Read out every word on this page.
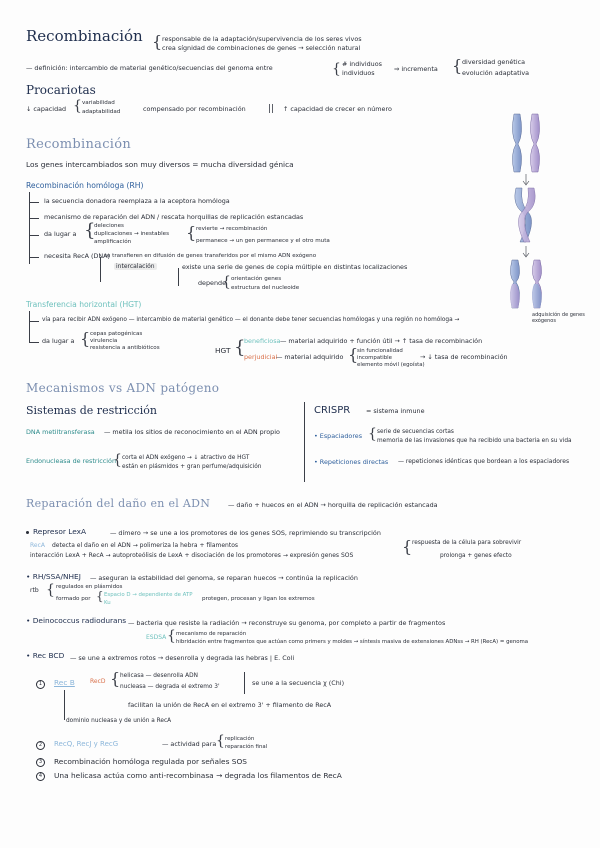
Recombinación { responsable de la adaptación/supervivencia de los seres vivos
crea sígnidad de combinaciones de genes → selección natural
— definición: intercambio de material genético/secuencias del genoma entre	{ # individuos
individuos	⇒ incrementa { diversidad genética
evolución adaptativa
Procariotas
↓ capacidad { variabilidad
adaptabilidad	compensado por recombinación || ↑ capacidad de crecer en número
Recombinación
Los genes intercambiados son muy diversos = mucha diversidad génica
Recombinación homóloga (RH)
la secuencia donadora reemplaza a la aceptora homóloga
mecanismo de reparación del ADN / rescata horquillas de replicación estancadas
da lugar a {
deleciones
duplicaciones → inestables
amplificación	{ revierte → recombinación
permanece → un gen permanece y el otro muta
necesita RecA (DNA)
se transfieren en difusión de genes transferidos por el mismo ADN exógeno
intercalación	existe una serie de genes de copia múltiple en distintas localizaciones
depende
{ orientación genes
estructura del nucleoide
Transferencia horizontal (HGT)
vía para recibir ADN exógeno — intercambio de material genético — el donante debe tener secuencias homólogas y una región no homóloga →
adquisición de genes exógenos
da lugar a { cepas patogénicas
virulencia
resistencia a antibióticos	HGT {
beneficiosa — material adquirido + función útil → ↑ tasa de recombinación
perjudicial
— material adquirido {
sin funcionalidad
incompatible
elemento móvil (egoísta)
→ ↓ tasa de recombinación
Mecanismos vs ADN patógeno
Sistemas de restricción
DNA metiltransferasa — metila los sitios de reconocimiento en el ADN propio
Endonucleasa de restricción
{ corta el ADN exógeno → ↓ atractivo de HGT
están en plásmidos + gran perfume/adquisición
CRISPR = sistema inmune
• Espaciadores { serie de secuencias cortas
memoria de las invasiones que ha recibido una bacteria en su vida
• Repeticiones directas — repeticiones idénticas que bordean a los espaciadores
Reparación del daño en el ADN	— daño + huecos en el ADN → horquilla de replicación estancada
Represor LexA	— dímero → se une a los promotores de los genes SOS, reprimiendo su transcripción
RecA detecta el daño en el ADN → polimeriza la hebra + filamentos	{ respuesta de la célula para sobrevivir
interacción LexA + RecA → autoproteólisis de LexA + disociación de los promotores → expresión genes SOS	prolonga + genes efecto
• RH/SSA/NHEJ — aseguran la estabilidad del genoma, se reparan huecos → continúa la replicación
rtb { regulados en plásmidos
formado por { Espacio D → dependiente de ATP
Ku
protegen, procesan y ligan los extremos
• Deinococcus radiodurans — bacteria que resiste la radiación → reconstruye su genoma, por completo a partir de fragmentos
ESDSA { mecanismo de reparación
hibridación entre fragmentos que actúan como primers y moldes → síntesis masiva de extensiones ADNss → RH (RecA) = genoma
• Rec BCD — se une a extremos rotos → desenrolla y degrada las hebras | E. Coli
1	Rec B	RecD { helicasa — desenrolla ADN
nucleasa — degrada el extremo 3'	se une a la secuencia χ (Chi)
facilitan la unión de RecA en el extremo 3' + filamento de RecA
dominio nucleasa y de unión a RecA
2	RecQ, RecJ y RecG	— actividad para { replicación
reparación final
3	Recombinación homóloga regulada por señales SOS
4	Una helicasa actúa como anti-recombinasa → degrada los filamentos de RecA
